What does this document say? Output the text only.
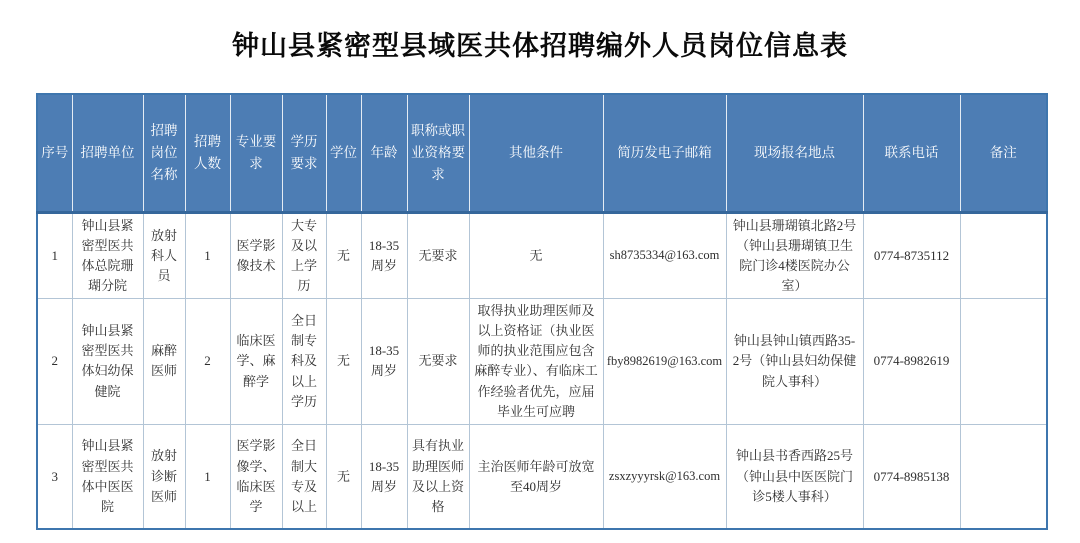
钟山县紧密型县域医共体招聘编外人员岗位信息表
序号	招聘单位	招聘岗位名称	招聘人数	专业要求	学历要求	学位	年龄	职称或职业资格要求	其他条件	简历发电子邮箱	现场报名地点	联系电话	备注
1	钟山县紧密型医共体总院珊瑚分院	放射科人员	1	医学影像技术	大专及以上学历	无	18-35周岁	无要求	无	sh8735334@163.com	钟山县珊瑚镇北路2号（钟山县珊瑚镇卫生院门诊4楼医院办公室）	0774-8735112	
2	钟山县紧密型医共体妇幼保健院	麻醉医师	2	临床医学、麻醉学	全日制专科及以上学历	无	18-35周岁	无要求	取得执业助理医师及以上资格证（执业医师的执业范围应包含麻醉专业）、有临床工作经验者优先，应届毕业生可应聘	fby8982619@163.com	钟山县钟山镇西路35-2号（钟山县妇幼保健院人事科）	0774-8982619	
3	钟山县紧密型医共体中医医院	放射诊断医师	1	医学影像学、临床医学	全日制大专及以上	无	18-35周岁	具有执业助理医师及以上资格	主治医师年龄可放宽至40周岁	zsxzyyyrsk@163.com	钟山县书香西路25号（钟山县中医医院门诊5楼人事科）	0774-8985138	
